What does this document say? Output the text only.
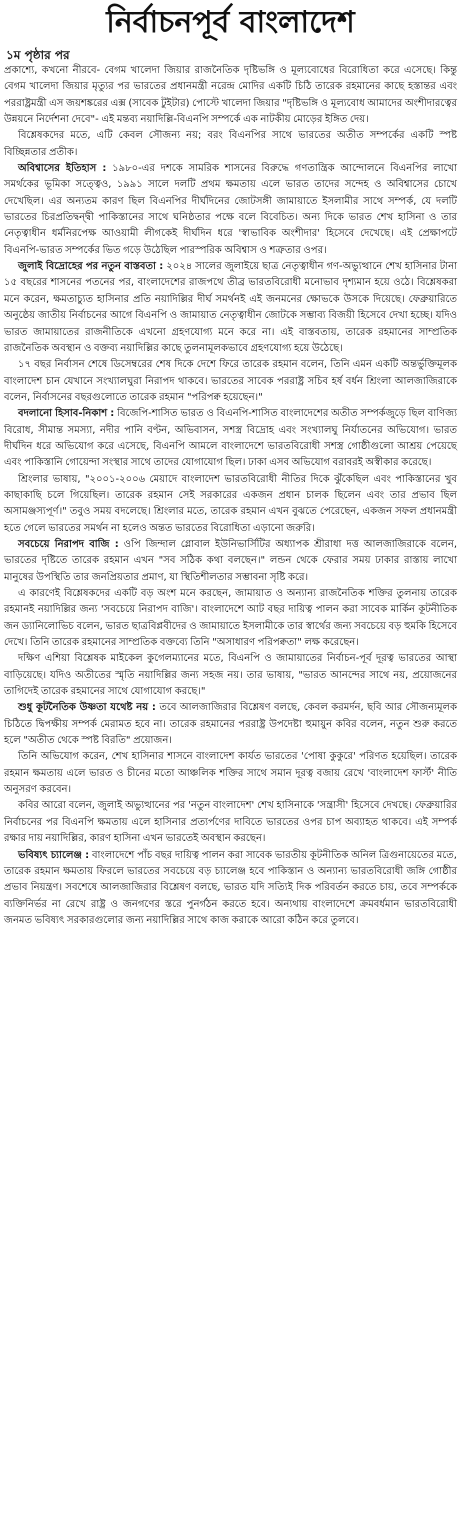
নির্বাচনপূর্ব বাংলাদেশ
১ম পৃষ্ঠার পর

প্রকাশ্যে, কখনো নীরবে- বেগম খালেদা জিয়ার রাজনৈতিক দৃষ্টিভঙ্গি ও মূল্যবোধের বিরোধিতা করে এসেছে। কিন্তু বেগম খালেদা জিয়ার মৃত্যুর পর ভারতের প্রধানমন্ত্রী নরেন্দ্র মোদির একটি চিঠি তারেক রহমানের কাছে হস্তান্তর এবং পররাষ্ট্রমন্ত্রী এস জয়শঙ্করের এক্স (সাবেক টুইটার) পোস্টে খালেদা জিয়ার "দৃষ্টিভঙ্গি ও মূল্যবোধ আমাদের অংশীদারত্বের উন্নয়নে নির্দেশনা দেবে"- এই মন্তব্য নয়াদিল্লি-বিএনপি সম্পর্কে এক নাটকীয় মোড়ের ইঙ্গিত দেয়।

বিশ্লেষকদের মতে, এটি কেবল সৌজন্য নয়; বরং বিএনপির সাথে ভারতের অতীত সম্পর্কের একটি স্পষ্ট বিচ্ছিন্নতার প্রতীক।

অবিশ্বাসের ইতিহাস : ১৯৮০-এর দশকে সামরিক শাসনের বিরুদ্ধে গণতান্ত্রিক আন্দোলনে বিএনপির লাখো সমর্থকের ভূমিকা সত্ত্বেও, ১৯৯১ সালে দলটি প্রথম ক্ষমতায় এলে ভারত তাদের সন্দেহ ও অবিশ্বাসের চোখে দেখেছিল। এর অন্যতম কারণ ছিল বিএনপির দীর্ঘদিনের জোটসঙ্গী জামায়াতে ইসলামীর সাথে সম্পর্ক, যে দলটি ভারতের চিরপ্রতিদ্বন্দ্বী পাকিস্তানের সাথে ঘনিষ্ঠতার পক্ষে বলে বিবেচিত। অন্য দিকে ভারত শেখ হাসিনা ও তার নেতৃত্বাধীন ধর্মনিরপেক্ষ আওয়ামী লীগকেই দীর্ঘদিন ধরে 'স্বাভাবিক অংশীদার' হিসেবে দেখেছে। এই প্রেক্ষাপটে বিএনপি-ভারত সম্পর্কের ভিত গড়ে উঠেছিল পারস্পরিক অবিশ্বাস ও শত্রুতার ওপর।

জুলাই বিদ্রোহের পর নতুন বাস্তবতা : ২০২৪ সালের জুলাইয়ে ছাত্র নেতৃত্বাধীন গণ-অভ্যুত্থানে শেখ হাসিনার টানা ১৫ বছরের শাসনের পতনের পর, বাংলাদেশের রাজপথে তীব্র ভারতবিরোধী মনোভাব দৃশ্যমান হয়ে ওঠে। বিশ্লেষকরা মনে করেন, ক্ষমতাচ্যুত হাসিনার প্রতি নয়াদিল্লির দীর্ঘ সমর্থনই এই জনমনের ক্ষোভকে উসকে দিয়েছে। ফেব্রুয়ারিতে অনুষ্ঠেয় জাতীয় নির্বাচনের আগে বিএনপি ও জামায়াত নেতৃত্বাধীন জোটকে সম্ভাব্য বিজয়ী হিসেবে দেখা হচ্ছে। যদিও ভারত জামায়াতের রাজনীতিকে এখনো গ্রহণযোগ্য মনে করে না। এই বাস্তবতায়, তারেক রহমানের সাম্প্রতিক রাজনৈতিক অবস্থান ও বক্তব্য নয়াদিল্লির কাছে তুলনামূলকভাবে গ্রহণযোগ্য হয়ে উঠেছে।

১৭ বছর নির্বাসন শেষে ডিসেম্বরের শেষ দিকে দেশে ফিরে তারেক রহমান বলেন, তিনি এমন একটি অন্তর্ভুক্তিমূলক বাংলাদেশ চান যেখানে সংখ্যালঘুরা নিরাপদ থাকবে। ভারতের সাবেক পররাষ্ট্র সচিব হর্ষ বর্ধন শ্রিংলা আলজাজিরাকে বলেন, নির্বাসনের বছরগুলোতে তারেক রহমান "পরিপক্ব হয়েছেন।"

বদলানো হিসাব-নিকাশ : বিজেপি-শাসিত ভারত ও বিএনপি-শাসিত বাংলাদেশের অতীত সম্পর্কজুড়ে ছিল বাণিজ্য বিরোধ, সীমান্ত সমস্যা, নদীর পানি বণ্টন, অভিবাসন, সশস্ত্র বিদ্রোহ এবং সংখ্যালঘু নির্যাতনের অভিযোগ। ভারত দীর্ঘদিন ধরে অভিযোগ করে এসেছে, বিএনপি আমলে বাংলাদেশে ভারতবিরোধী সশস্ত্র গোষ্ঠীগুলো আশ্রয় পেয়েছে এবং পাকিস্তানি গোয়েন্দা সংস্থার সাথে তাদের যোগাযোগ ছিল। ঢাকা এসব অভিযোগ বরাবরই অস্বীকার করেছে।

শ্রিংলার ভাষায়, "২০০১-২০০৬ মেয়াদে বাংলাদেশ ভারতবিরোধী নীতির দিকে ঝুঁকেছিল এবং পাকিস্তানের খুব কাছাকাছি চলে গিয়েছিল। তারেক রহমান সেই সরকারের একজন প্রধান চালক ছিলেন এবং তার প্রভাব ছিল অসামঞ্জস্যপূর্ণ।" তবুও সময় বদলেছে। শ্রিংলার মতে, তারেক রহমান এখন বুঝতে পেরেছেন, একজন সফল প্রধানমন্ত্রী হতে গেলে ভারতের সমর্থন না হলেও অন্তত ভারতের বিরোধিতা এড়ানো জরুরি।

সবচেয়ে নিরাপদ বাজি : ওপি জিন্দাল গ্লোবাল ইউনিভার্সিটির অধ্যাপক শ্রীরাধা দত্ত আলজাজিরাকে বলেন, ভারতের দৃষ্টিতে তারেক রহমান এখন "সব সঠিক কথা বলছেন।" লন্ডন থেকে ফেরার সময় ঢাকার রাস্তায় লাখো মানুষের উপস্থিতি তার জনপ্রিয়তার প্রমাণ, যা স্থিতিশীলতার সম্ভাবনা সৃষ্টি করে।

এ কারণেই বিশ্লেষকদের একটি বড় অংশ মনে করছেন, জামায়াত ও অন্যান্য রাজনৈতিক শক্তির তুলনায় তারেক রহমানই নয়াদিল্লির জন্য 'সবচেয়ে নিরাপদ বাজি'। বাংলাদেশে আট বছর দায়িত্ব পালন করা সাবেক মার্কিন কূটনীতিক জন ড্যানিলোভিচ বলেন, ভারত ছাত্রবিপ্লবীদের ও জামায়াতে ইসলামীকে তার স্বার্থের জন্য সবচেয়ে বড় হুমকি হিসেবে দেখে। তিনি তারেক রহমানের সাম্প্রতিক বক্তব্যে তিনি "অসাধারণ পরিপক্বতা" লক্ষ করেছেন।

দক্ষিণ এশিয়া বিশ্লেষক মাইকেল কুগেলম্যানের মতে, বিএনপি ও জামায়াতের নির্বাচন-পূর্ব দূরত্ব ভারতের আস্থা বাড়িয়েছে। যদিও অতীতের স্মৃতি নয়াদিল্লির জন্য সহজ নয়। তার ভাষায়, "ভারত আনন্দের সাথে নয়, প্রয়োজনের তাগিদেই তারেক রহমানের সাথে যোগাযোগ করছে।"

শুধু কূটনৈতিক উষ্ণতা যথেষ্ট নয় : তবে আলজাজিরার বিশ্লেষণ বলছে, কেবল করমর্দন, ছবি আর সৌজন্যমূলক চিঠিতে দ্বিপক্ষীয় সম্পর্ক মেরামত হবে না। তারেক রহমানের পররাষ্ট্র উপদেষ্টা হুমায়ুন কবির বলেন, নতুন শুরু করতে হলে "অতীত থেকে স্পষ্ট বিরতি" প্রয়োজন।

তিনি অভিযোগ করেন, শেখ হাসিনার শাসনে বাংলাদেশ কার্যত ভারতের 'পোষা কুকুরে' পরিণত হয়েছিল। তারেক রহমান ক্ষমতায় এলে ভারত ও চীনের মতো আঞ্চলিক শক্তির সাথে সমান দূরত্ব বজায় রেখে 'বাংলাদেশ ফার্স্ট' নীতি অনুসরণ করবেন।

কবির আরো বলেন, জুলাই অভ্যুত্থানের পর 'নতুন বাংলাদেশ' শেখ হাসিনাকে 'সন্ত্রাসী' হিসেবে দেখছে। ফেব্রুয়ারির নির্বাচনের পর বিএনপি ক্ষমতায় এলে হাসিনার প্রত্যর্পণের দাবিতে ভারতের ওপর চাপ অব্যাহত থাকবে। এই সম্পর্ক রক্ষার দায় নয়াদিল্লির, কারণ হাসিনা এখন ভারতেই অবস্থান করছেন।

ভবিষ্যৎ চ্যালেঞ্জ : বাংলাদেশে পাঁচ বছর দায়িত্ব পালন করা সাবেক ভারতীয় কূটনীতিক অনিল ত্রিগুনায়েতের মতে, তারেক রহমান ক্ষমতায় ফিরলে ভারতের সবচেয়ে বড় চ্যালেঞ্জ হবে পাকিস্তান ও অন্যান্য ভারতবিরোধী জঙ্গি গোষ্ঠীর প্রভাব নিয়ন্ত্রণ। সবশেষে আলজাজিরার বিশ্লেষণ বলছে, ভারত যদি সত্যিই দিক পরিবর্তন করতে চায়, তবে সম্পর্ককে ব্যক্তিনির্ভর না রেখে রাষ্ট্র ও জনগণের স্তরে পুনর্গঠন করতে হবে। অন্যথায় বাংলাদেশে ক্রমবর্ধমান ভারতবিরোধী জনমত ভবিষ্যৎ সরকারগুলোর জন্য নয়াদিল্লির সাথে কাজ করাকে আরো কঠিন করে তুলবে।
